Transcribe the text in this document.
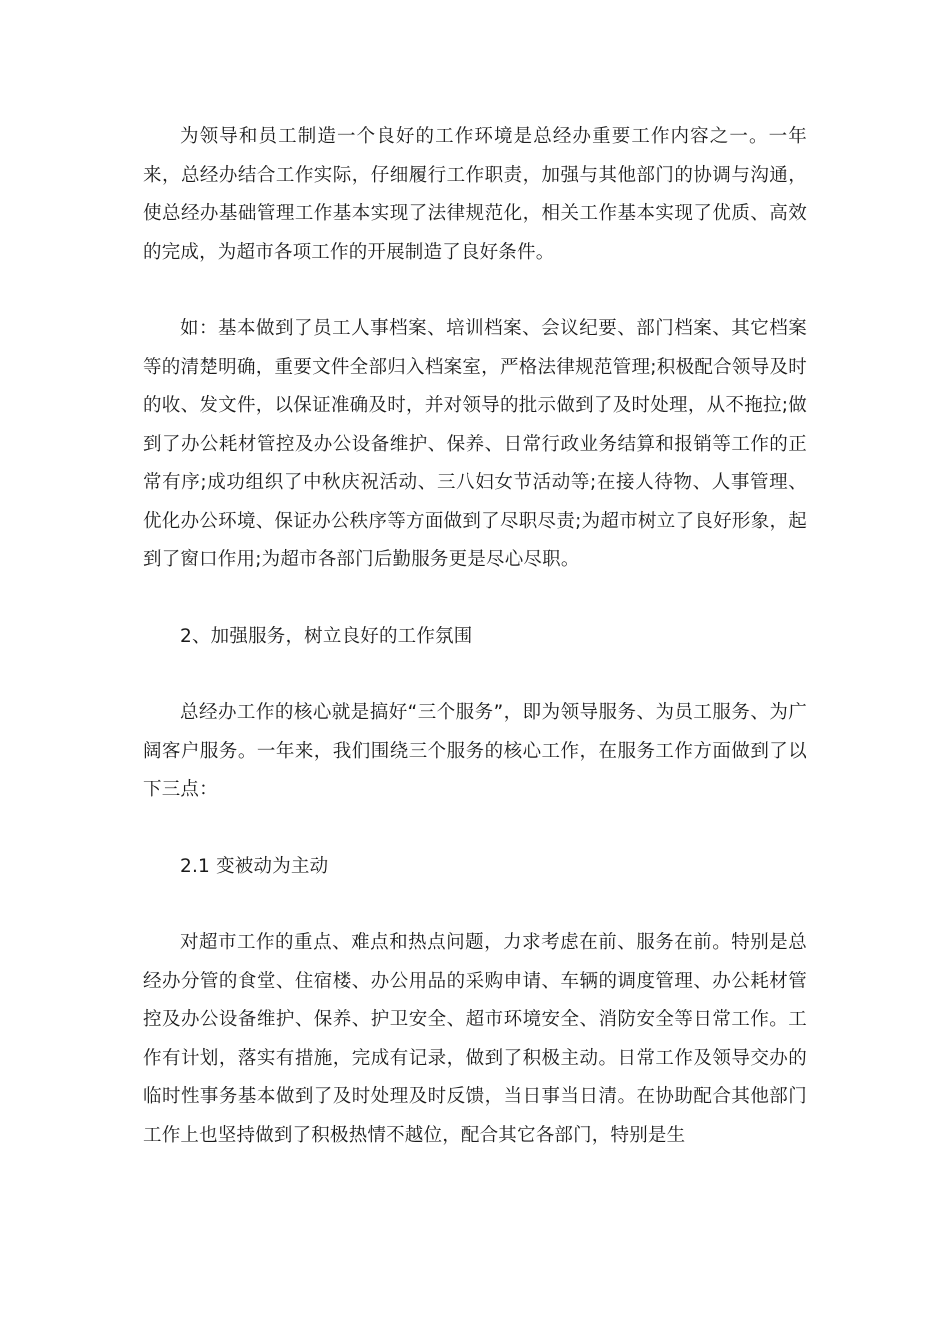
为领导和员工制造一个良好的工作环境是总经办重要工作内容之一。一年来，总经办结合工作实际，仔细履行工作职责，加强与其他部门的协调与沟通，使总经办基础管理工作基本实现了法律规范化，相关工作基本实现了优质、高效的完成，为超市各项工作的开展制造了良好条件。

如：基本做到了员工人事档案、培训档案、会议纪要、部门档案、其它档案等的清楚明确，重要文件全部归入档案室，严格法律规范管理;积极配合领导及时的收、发文件，以保证准确及时，并对领导的批示做到了及时处理，从不拖拉;做到了办公耗材管控及办公设备维护、保养、日常行政业务结算和报销等工作的正常有序;成功组织了中秋庆祝活动、三八妇女节活动等;在接人待物、人事管理、优化办公环境、保证办公秩序等方面做到了尽职尽责;为超市树立了良好形象，起到了窗口作用;为超市各部门后勤服务更是尽心尽职。

2、加强服务，树立良好的工作氛围

总经办工作的核心就是搞好“三个服务”，即为领导服务、为员工服务、为广阔客户服务。一年来，我们围绕三个服务的核心工作，在服务工作方面做到了以下三点：

2.1 变被动为主动

对超市工作的重点、难点和热点问题，力求考虑在前、服务在前。特别是总经办分管的食堂、住宿楼、办公用品的采购申请、车辆的调度管理、办公耗材管控及办公设备维护、保养、护卫安全、超市环境安全、消防安全等日常工作。工作有计划，落实有措施，完成有记录，做到了积极主动。日常工作及领导交办的临时性事务基本做到了及时处理及时反馈，当日事当日清。在协助配合其他部门工作上也坚持做到了积极热情不越位，配合其它各部门，特别是生
